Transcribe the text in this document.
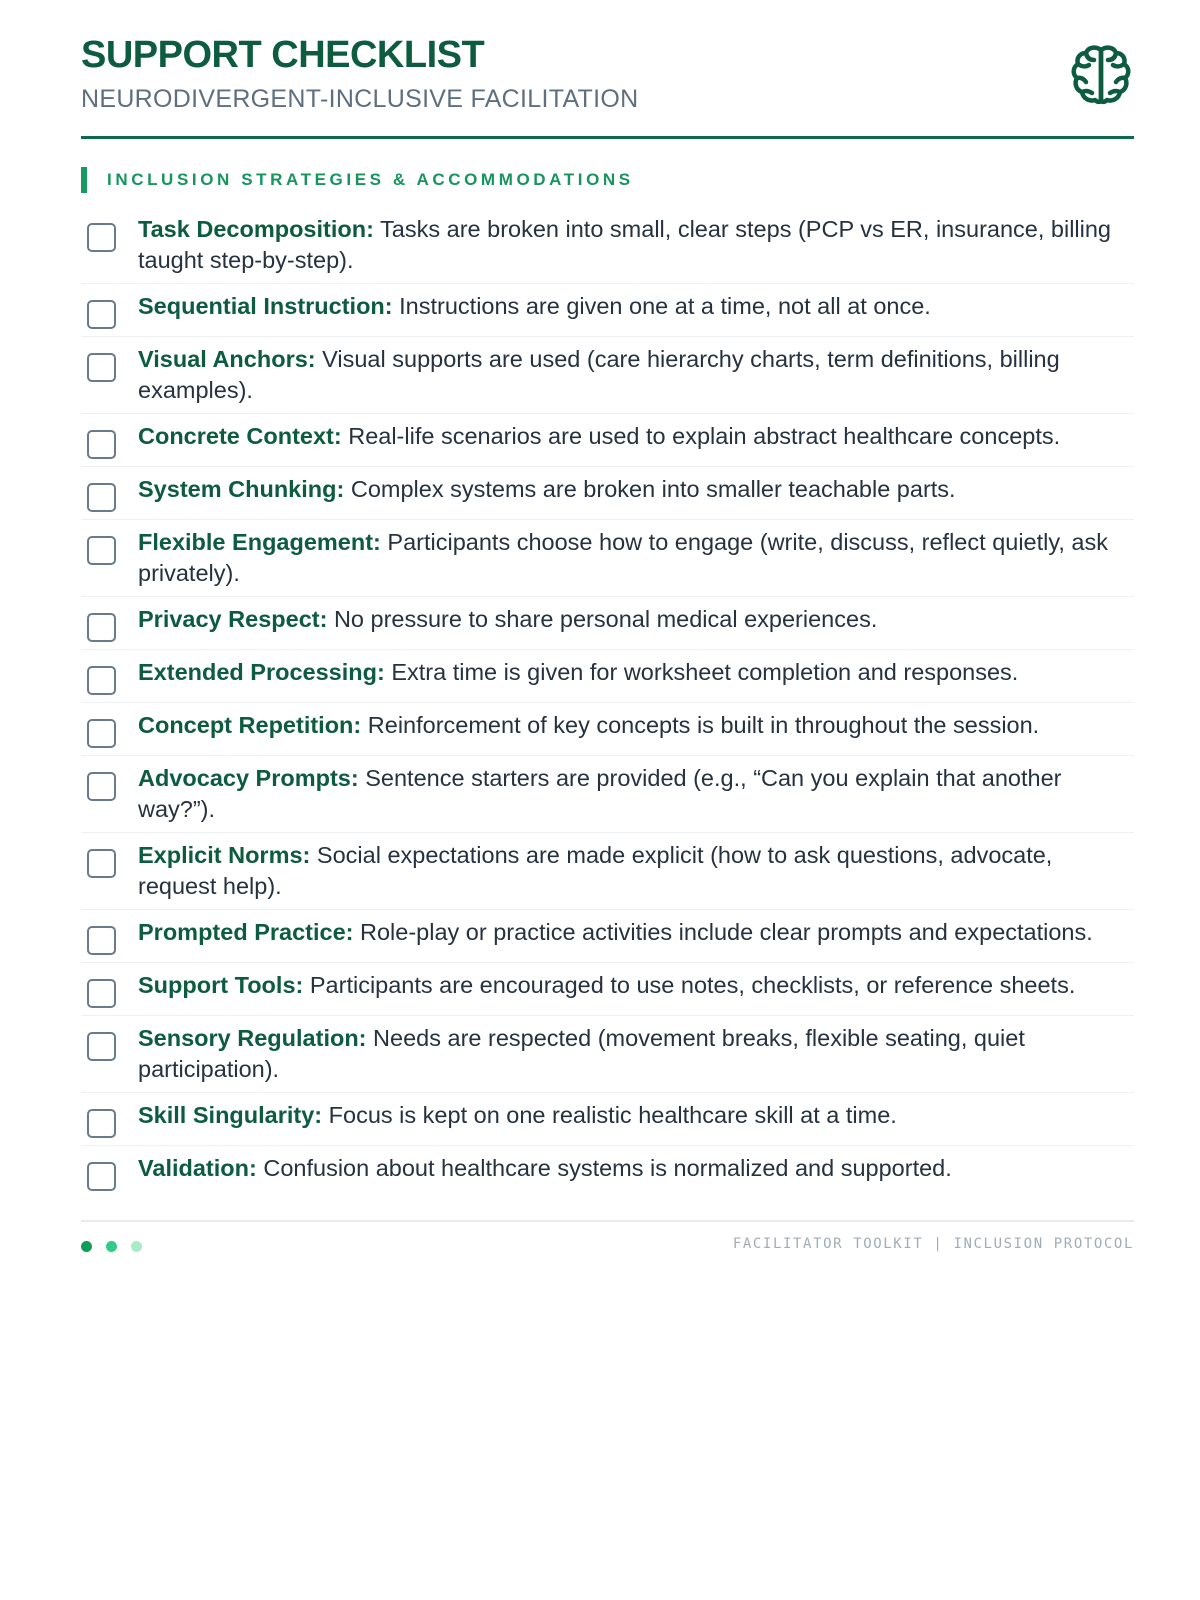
SUPPORT CHECKLIST
NEURODIVERGENT-INCLUSIVE FACILITATION
INCLUSION STRATEGIES & ACCOMMODATIONS
Task Decomposition: Tasks are broken into small, clear steps (PCP vs ER, insurance, billing taught step-by-step).
Sequential Instruction: Instructions are given one at a time, not all at once.
Visual Anchors: Visual supports are used (care hierarchy charts, term definitions, billing examples).
Concrete Context: Real-life scenarios are used to explain abstract healthcare concepts.
System Chunking: Complex systems are broken into smaller teachable parts.
Flexible Engagement: Participants choose how to engage (write, discuss, reflect quietly, ask privately).
Privacy Respect: No pressure to share personal medical experiences.
Extended Processing: Extra time is given for worksheet completion and responses.
Concept Repetition: Reinforcement of key concepts is built in throughout the session.
Advocacy Prompts: Sentence starters are provided (e.g., “Can you explain that another way?”).
Explicit Norms: Social expectations are made explicit (how to ask questions, advocate, request help).
Prompted Practice: Role-play or practice activities include clear prompts and expectations.
Support Tools: Participants are encouraged to use notes, checklists, or reference sheets.
Sensory Regulation: Needs are respected (movement breaks, flexible seating, quiet participation).
Skill Singularity: Focus is kept on one realistic healthcare skill at a time.
Validation: Confusion about healthcare systems is normalized and supported.
FACILITATOR TOOLKIT | INCLUSION PROTOCOL
